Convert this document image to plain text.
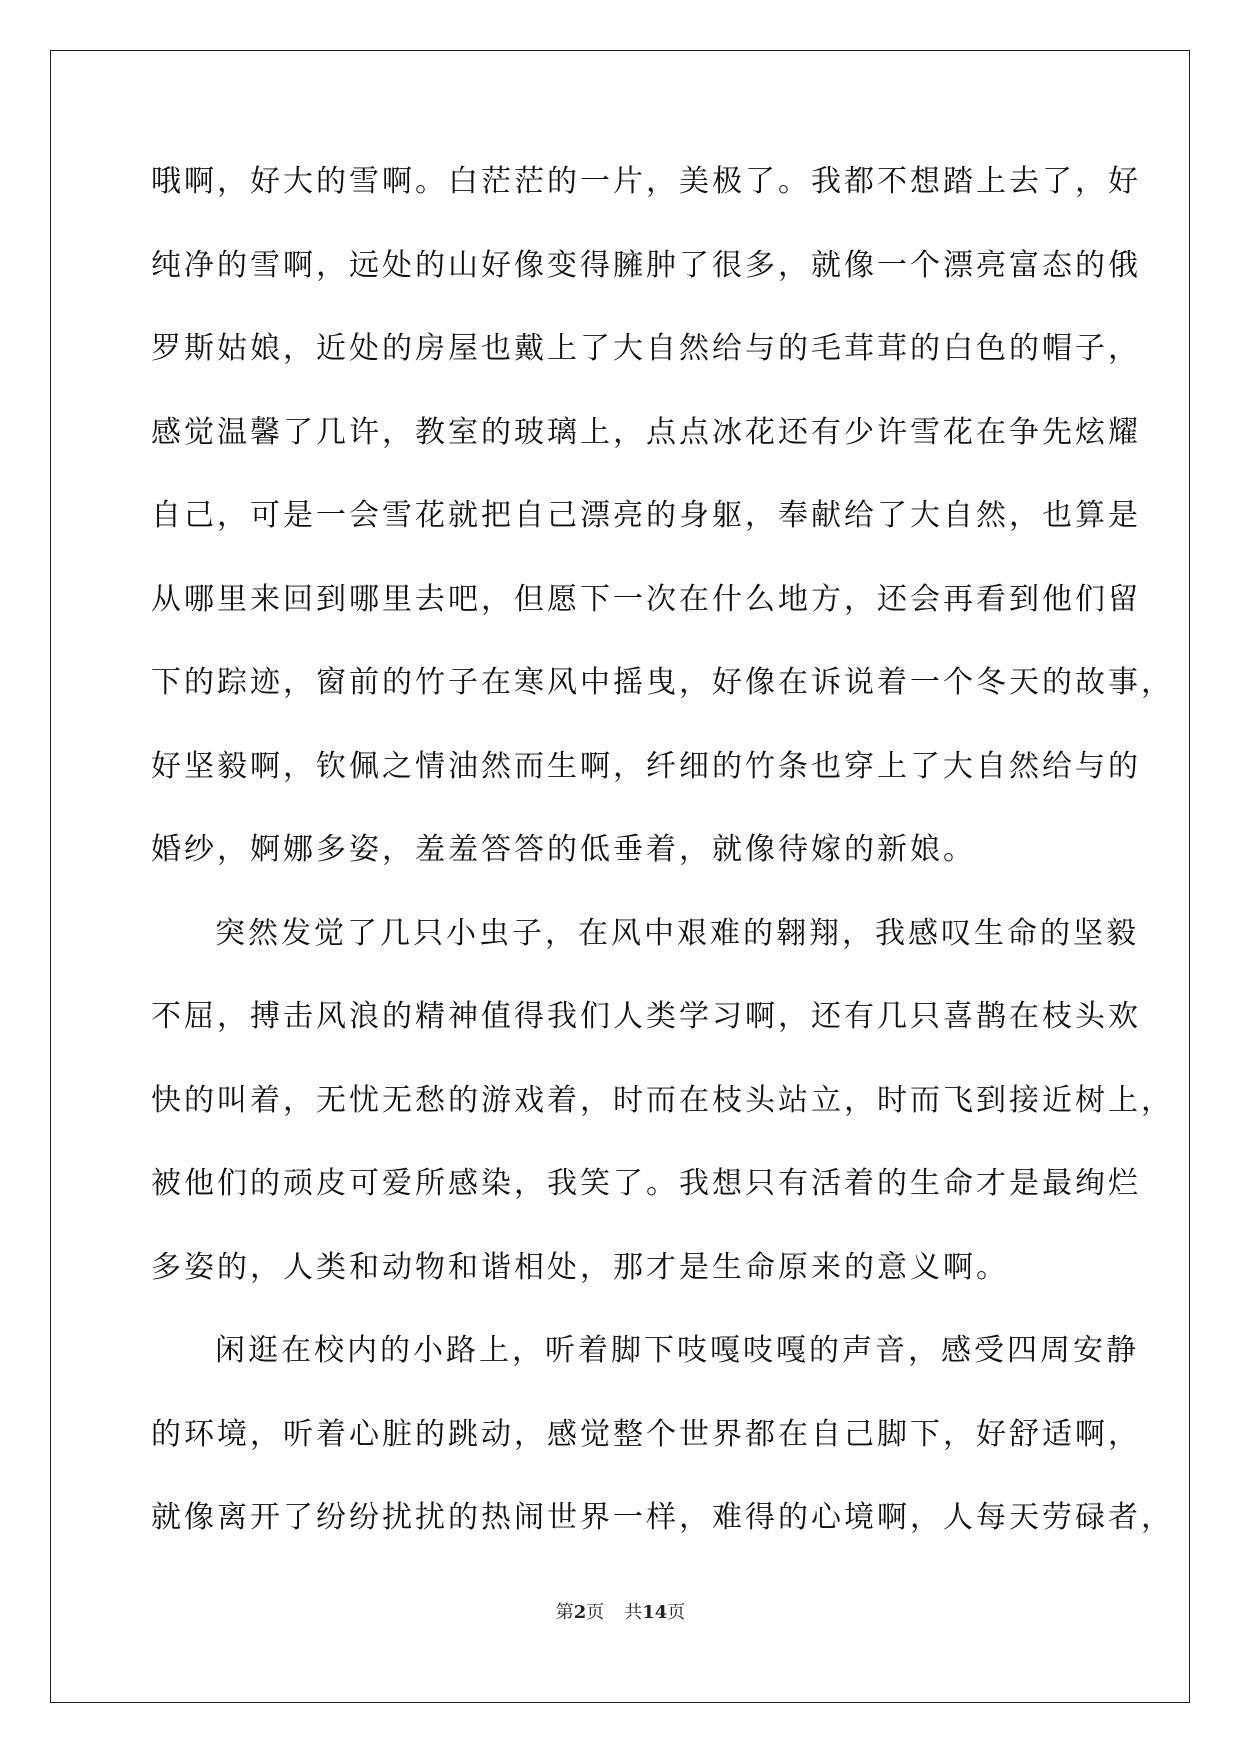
哦啊，好大的雪啊。白茫茫的一片，美极了。我都不想踏上去了，好
纯净的雪啊，远处的山好像变得臃肿了很多，就像一个漂亮富态的俄
罗斯姑娘，近处的房屋也戴上了大自然给与的毛茸茸的白色的帽子，
感觉温馨了几许，教室的玻璃上，点点冰花还有少许雪花在争先炫耀
自己，可是一会雪花就把自己漂亮的身躯，奉献给了大自然，也算是
从哪里来回到哪里去吧，但愿下一次在什么地方，还会再看到他们留
下的踪迹，窗前的竹子在寒风中摇曳，好像在诉说着一个冬天的故事，
好坚毅啊，钦佩之情油然而生啊，纤细的竹条也穿上了大自然给与的
婚纱，婀娜多姿，羞羞答答的低垂着，就像待嫁的新娘。
突然发觉了几只小虫子，在风中艰难的翱翔，我感叹生命的坚毅
不屈，搏击风浪的精神值得我们人类学习啊，还有几只喜鹊在枝头欢
快的叫着，无忧无愁的游戏着，时而在枝头站立，时而飞到接近树上，
被他们的顽皮可爱所感染，我笑了。我想只有活着的生命才是最绚烂
多姿的，人类和动物和谐相处，那才是生命原来的意义啊。
闲逛在校内的小路上，听着脚下吱嘎吱嘎的声音，感受四周安静
的环境，听着心脏的跳动，感觉整个世界都在自己脚下，好舒适啊，
就像离开了纷纷扰扰的热闹世界一样，难得的心境啊，人每天劳碌者，
第2页 共14页
